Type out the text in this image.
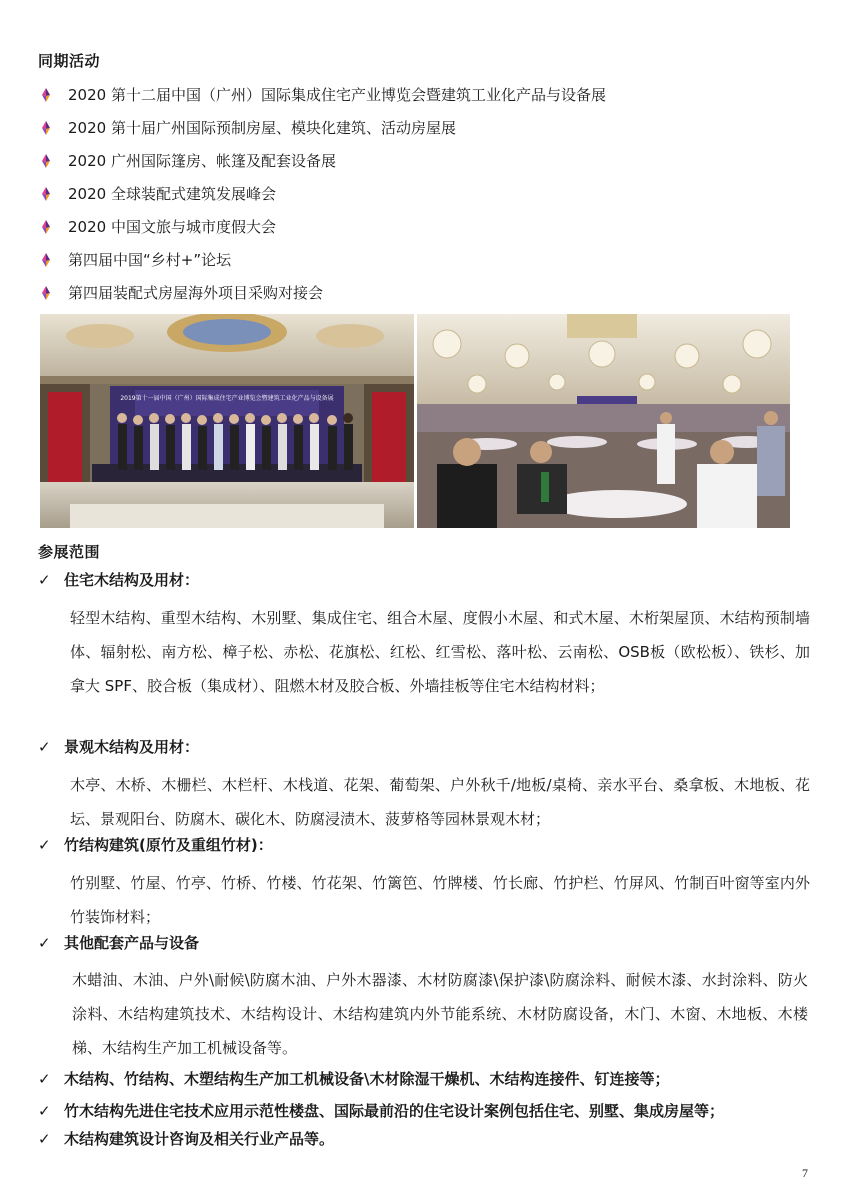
同期活动
2020 第十二届中国（广州）国际集成住宅产业博览会暨建筑工业化产品与设备展
2020 第十届广州国际预制房屋、模块化建筑、活动房屋展
2020 广州国际篷房、帐篷及配套设备展
2020 全球装配式建筑发展峰会
2020 中国文旅与城市度假大会
第四届中国“乡村+”论坛
第四届装配式房屋海外项目采购对接会
2019第十一届中国（广州）国际集成住宅产业博览会暨建筑工业化产品与设备展
参展范围
✓ 住宅木结构及用材：
轻型木结构、重型木结构、木别墅、集成住宅、组合木屋、度假小木屋、和式木屋、木桁架屋顶、木结构预制墙体、辐射松、南方松、樟子松、赤松、花旗松、红松、红雪松、落叶松、云南松、OSB板（欧松板）、铁杉、加拿大 SPF、胶合板（集成材）、阻燃木材及胶合板、外墙挂板等住宅木结构材料；
✓ 景观木结构及用材：
木亭、木桥、木栅栏、木栏杆、木栈道、花架、葡萄架、户外秋千/地板/桌椅、亲水平台、桑拿板、木地板、花坛、景观阳台、防腐木、碳化木、防腐浸渍木、菠萝格等园林景观木材；
✓ 竹结构建筑(原竹及重组竹材)：
竹别墅、竹屋、竹亭、竹桥、竹楼、竹花架、竹篱笆、竹牌楼、竹长廊、竹护栏、竹屏风、竹制百叶窗等室内外竹装饰材料；
✓ 其他配套产品与设备
木蜡油、木油、户外\耐候\防腐木油、户外木器漆、木材防腐漆\保护漆\防腐涂料、耐候木漆、水封涂料、防火涂料、木结构建筑技术、木结构设计、木结构建筑内外节能系统、木材防腐设备，木门、木窗、木地板、木楼梯、木结构生产加工机械设备等。
✓ 木结构、竹结构、木塑结构生产加工机械设备\木材除湿干燥机、木结构连接件、钉连接等；
✓ 竹木结构先进住宅技术应用示范性楼盘、国际最前沿的住宅设计案例包括住宅、别墅、集成房屋等；
✓ 木结构建筑设计咨询及相关行业产品等。
7
